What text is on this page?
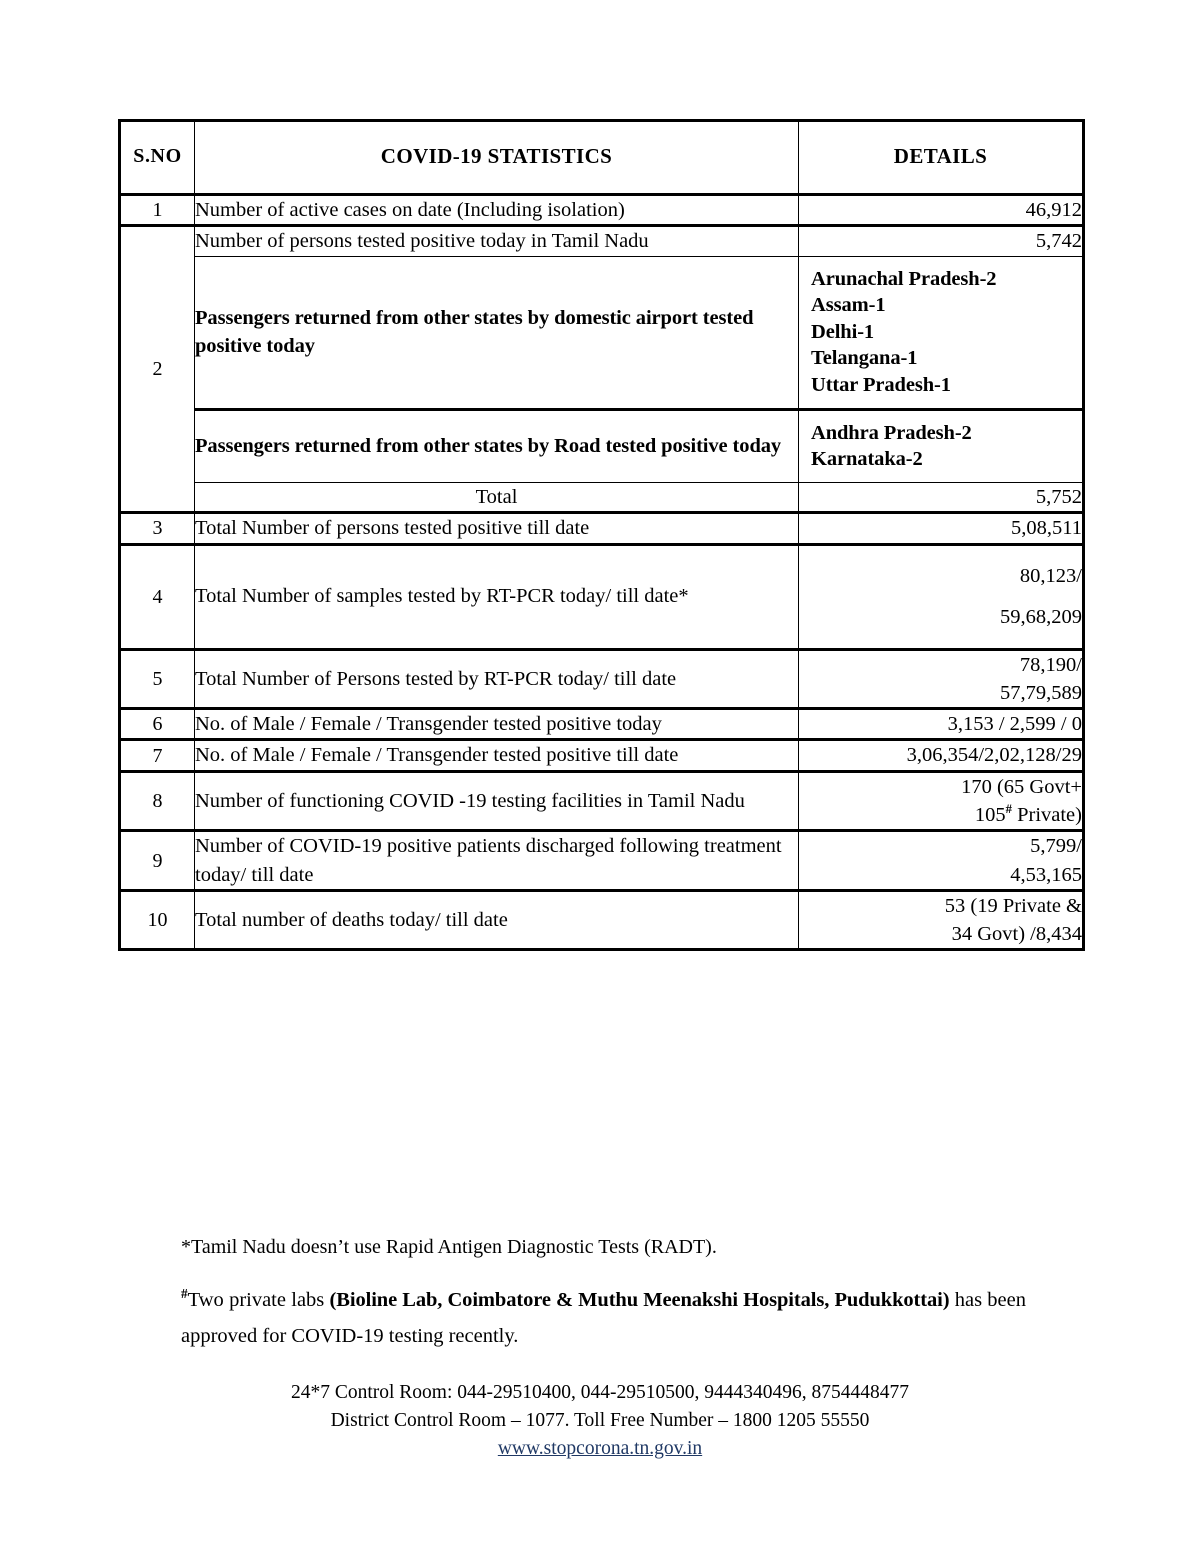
S.NO	COVID-19 STATISTICS	DETAILS
1	Number of active cases on date (Including isolation)	46,912
2	Number of persons tested positive today in Tamil Nadu	5,742
	Passengers returned from other states by domestic airport tested positive today	Arunachal Pradesh-2
Assam-1
Delhi-1
Telangana-1
Uttar Pradesh-1

	Passengers returned from other states by Road tested positive today	Andhra Pradesh-2
Karnataka-2

	Total	5,752
3	Total Number of persons tested positive till date	5,08,511
4	Total Number of samples tested by RT-PCR today/ till date*	80,123/
59,68,209

5	Total Number of Persons tested by RT-PCR today/ till date	78,190/
57,79,589

6	No. of Male / Female / Transgender tested positive today	3,153 / 2,599 / 0
7	No. of Male / Female / Transgender tested positive till date	3,06,354/2,02,128/29
8	Number of functioning COVID -19 testing facilities in Tamil Nadu	170 (65 Govt+
105# Private)

9	Number of COVID-19 positive patients discharged following treatment today/ till date	5,799/
4,53,165

10	Total number of deaths today/ till date	53 (19 Private &
34 Govt) /8,434

*Tamil Nadu doesn’t use Rapid Antigen Diagnostic Tests (RADT).

#Two private labs (Bioline Lab, Coimbatore & Muthu Meenakshi Hospitals, Pudukkottai) has been approved for COVID-19 testing recently.

24*7 Control Room: 044-29510400, 044-29510500, 9444340496, 8754448477
District Control Room – 1077. Toll Free Number – 1800 1205 55550
www.stopcorona.tn.gov.in
